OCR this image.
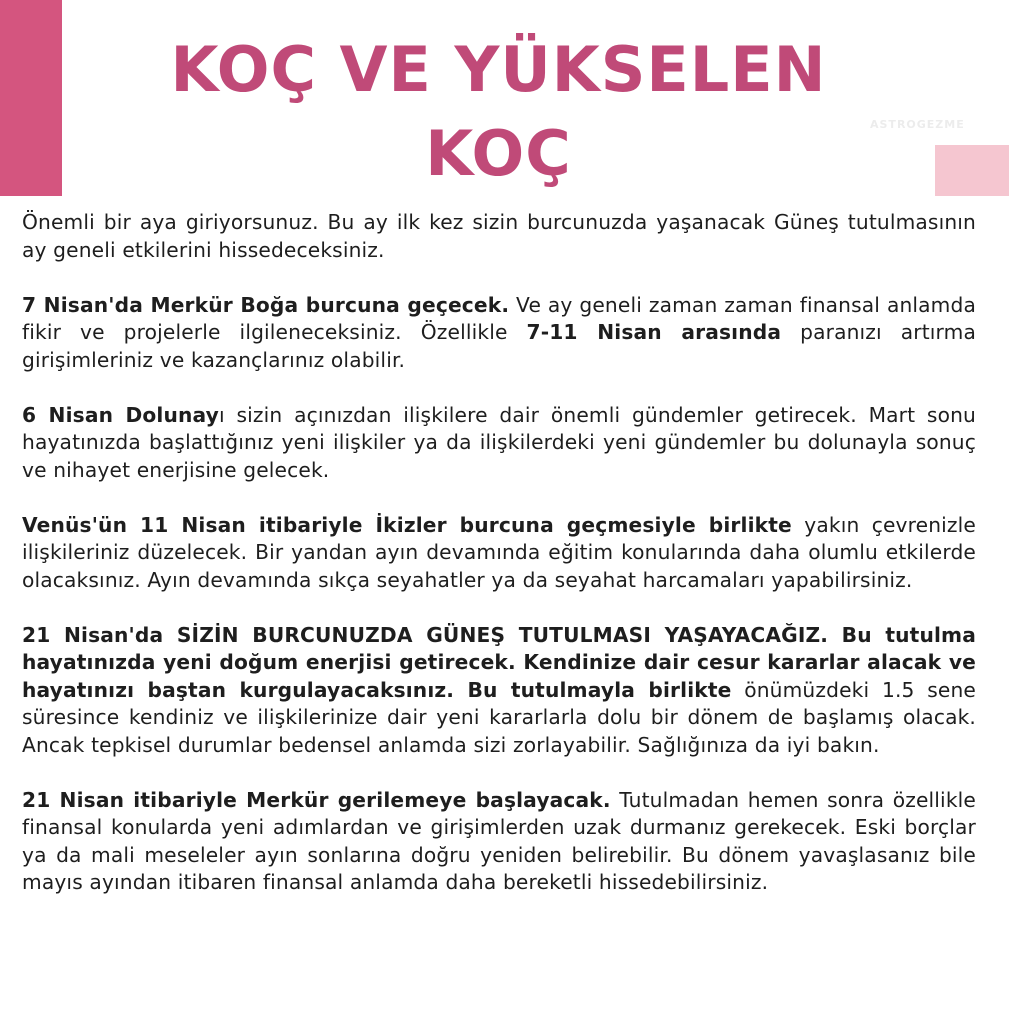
ASTROGEZME
KOÇ VE YÜKSELEN
KOÇ

Önemli bir aya giriyorsunuz. Bu ay ilk kez sizin burcunuzda yaşanacak Güneş tutulmasının ay geneli etkilerini hissedeceksiniz.

7 Nisan'da Merkür Boğa burcuna geçecek. Ve ay geneli zaman zaman finansal anlamda fikir ve projelerle ilgileneceksiniz. Özellikle 7-11 Nisan arasında paranızı artırma girişimleriniz ve kazançlarınız olabilir.

6 Nisan Dolunayı sizin açınızdan ilişkilere dair önemli gündemler getirecek. Mart sonu hayatınızda başlattığınız yeni ilişkiler ya da ilişkilerdeki yeni gündemler bu dolunayla sonuç ve nihayet enerjisine gelecek.

Venüs'ün 11 Nisan itibariyle İkizler burcuna geçmesiyle birlikte yakın çevrenizle ilişkileriniz düzelecek. Bir yandan ayın devamında eğitim konularında daha olumlu etkilerde olacaksınız. Ayın devamında sıkça seyahatler ya da seyahat harcamaları yapabilirsiniz.

21 Nisan'da SİZİN BURCUNUZDA GÜNEŞ TUTULMASI YAŞAYACAĞIZ. Bu tutulma hayatınızda yeni doğum enerjisi getirecek. Kendinize dair cesur kararlar alacak ve hayatınızı baştan kurgulayacaksınız. Bu tutulmayla birlikte önümüzdeki 1.5 sene süresince kendiniz ve ilişkilerinize dair yeni kararlarla dolu bir dönem de başlamış olacak. Ancak tepkisel durumlar bedensel anlamda sizi zorlayabilir. Sağlığınıza da iyi bakın.

21 Nisan itibariyle Merkür gerilemeye başlayacak. Tutulmadan hemen sonra özellikle finansal konularda yeni adımlardan ve girişimlerden uzak durmanız gerekecek. Eski borçlar ya da mali meseleler ayın sonlarına doğru yeniden belirebilir. Bu dönem yavaşlasanız bile mayıs ayından itibaren finansal anlamda daha bereketli hissedebilirsiniz.
